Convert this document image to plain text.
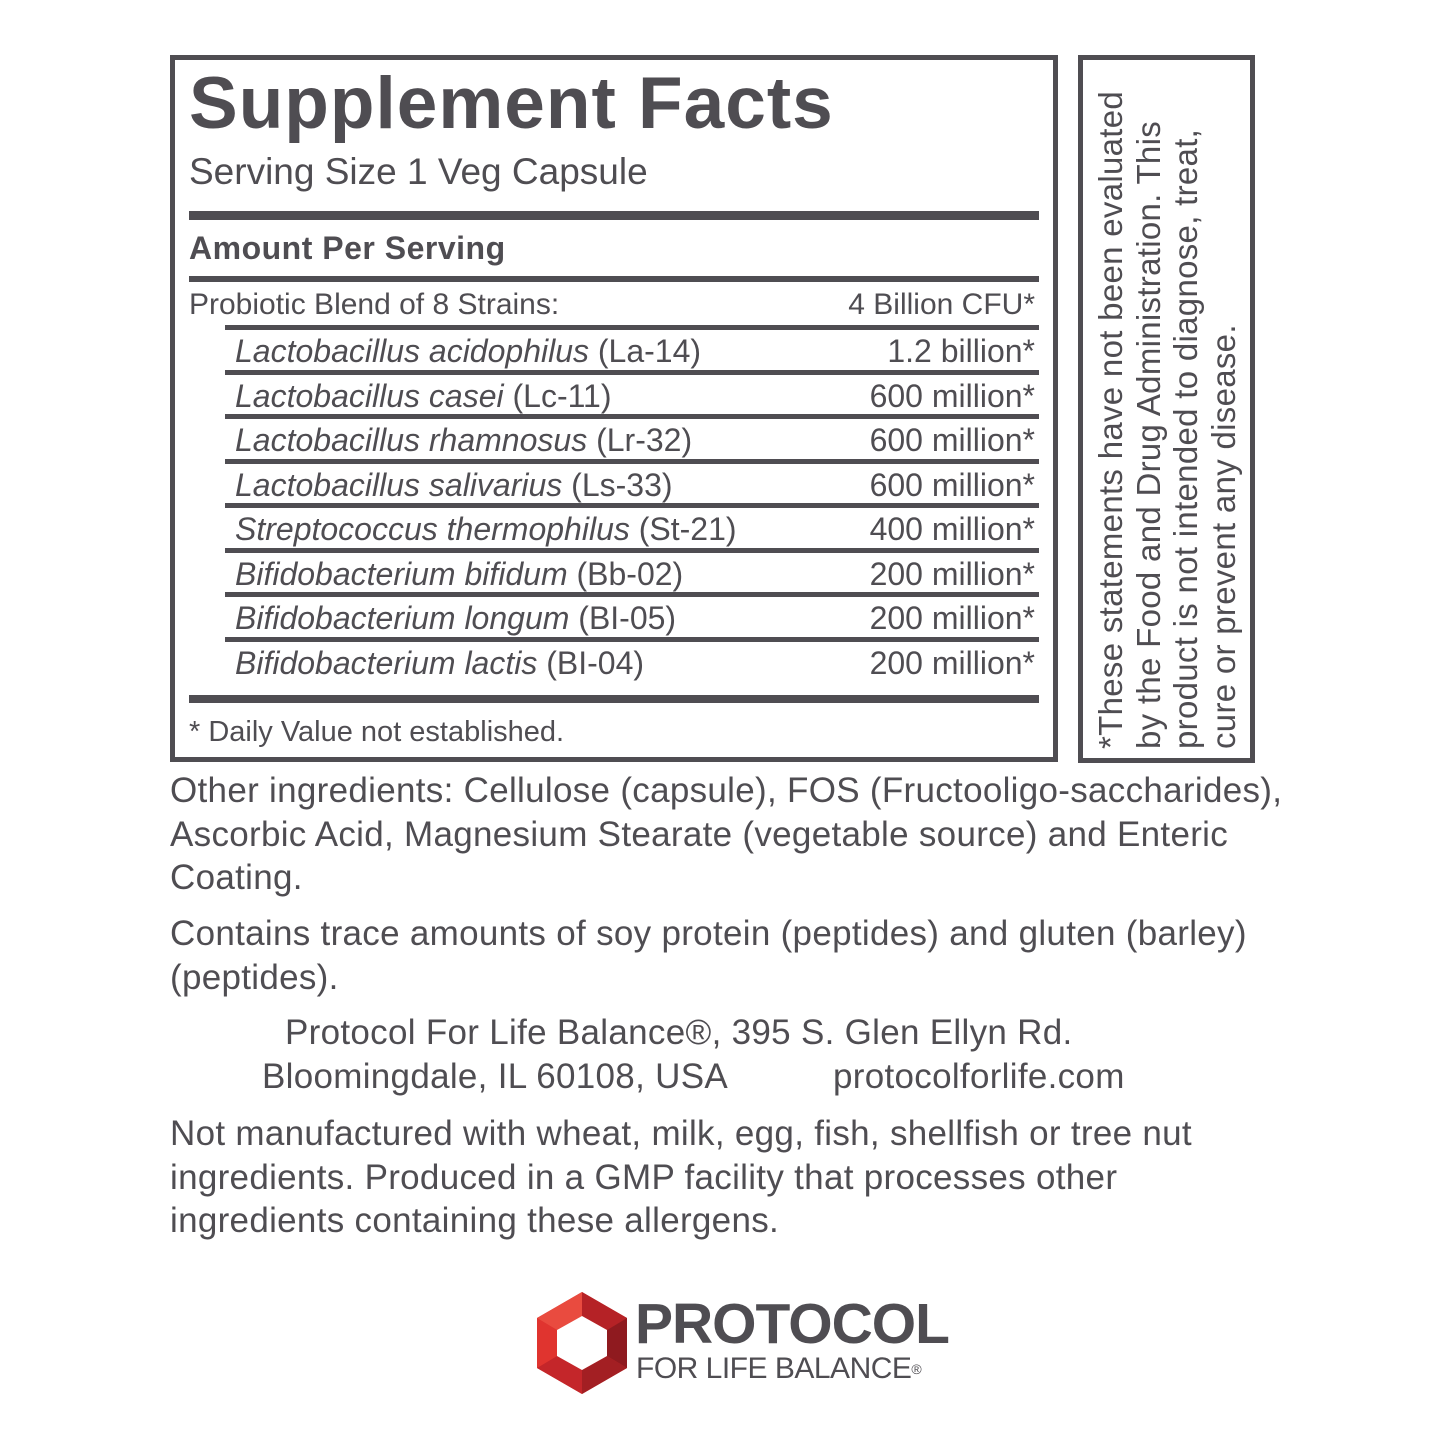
Supplement Facts
Serving Size 1 Veg Capsule
Amount Per Serving
Probiotic Blend of 8 Strains:	4 Billion CFU*
Lactobacillus acidophilus (La-14)	1.2 billion*
Lactobacillus casei (Lc-11)	600 million*
Lactobacillus rhamnosus (Lr-32)	600 million*
Lactobacillus salivarius (Ls-33)	600 million*
Streptococcus thermophilus (St-21)	400 million*
Bifidobacterium bifidum (Bb-02)	200 million*
Bifidobacterium longum (BI-05)	200 million*
Bifidobacterium lactis (BI-04)	200 million*
* Daily Value not established.	*These statements have not been evaluated by the Food and Drug Administration. This product is not intended to diagnose, treat, cure or prevent any disease.
Other ingredients: Cellulose (capsule), FOS (Fructooligo-saccharides), Ascorbic Acid, Magnesium Stearate (vegetable source) and Enteric Coating.
Contains trace amounts of soy protein (peptides) and gluten (barley) (peptides).
Protocol For Life Balance®, 395 S. Glen Ellyn Rd.
Bloomingdale, IL 60108, USA	protocolforlife.com
Not manufactured with wheat, milk, egg, fish, shellfish or tree nut ingredients. Produced in a GMP facility that processes other ingredients containing these allergens.
PROTOCOL
FOR LIFE BALANCE®
